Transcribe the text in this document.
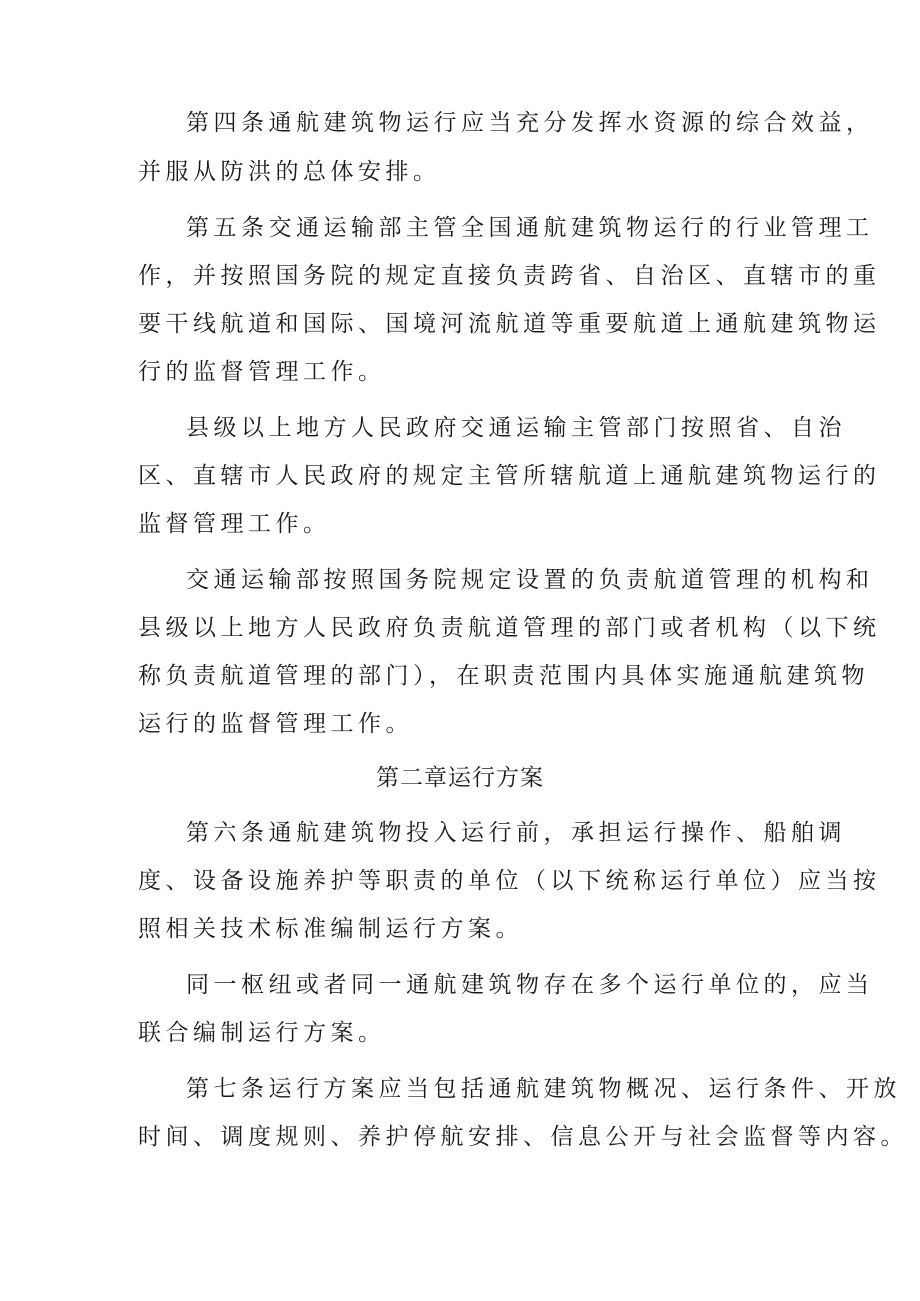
第四条通航建筑物运行应当充分发挥水资源的综合效益，
并服从防洪的总体安排。
第五条交通运输部主管全国通航建筑物运行的行业管理工
作，并按照国务院的规定直接负责跨省、自治区、直辖市的重
要干线航道和国际、国境河流航道等重要航道上通航建筑物运
行的监督管理工作。
县级以上地方人民政府交通运输主管部门按照省、自治
区、直辖市人民政府的规定主管所辖航道上通航建筑物运行的
监督管理工作。
交通运输部按照国务院规定设置的负责航道管理的机构和
县级以上地方人民政府负责航道管理的部门或者机构（以下统
称负责航道管理的部门），在职责范围内具体实施通航建筑物
运行的监督管理工作。
第二章运行方案
第六条通航建筑物投入运行前，承担运行操作、船舶调
度、设备设施养护等职责的单位（以下统称运行单位）应当按
照相关技术标准编制运行方案。
同一枢纽或者同一通航建筑物存在多个运行单位的，应当
联合编制运行方案。
第七条运行方案应当包括通航建筑物概况、运行条件、开放
时间、调度规则、养护停航安排、信息公开与社会监督等内容。
